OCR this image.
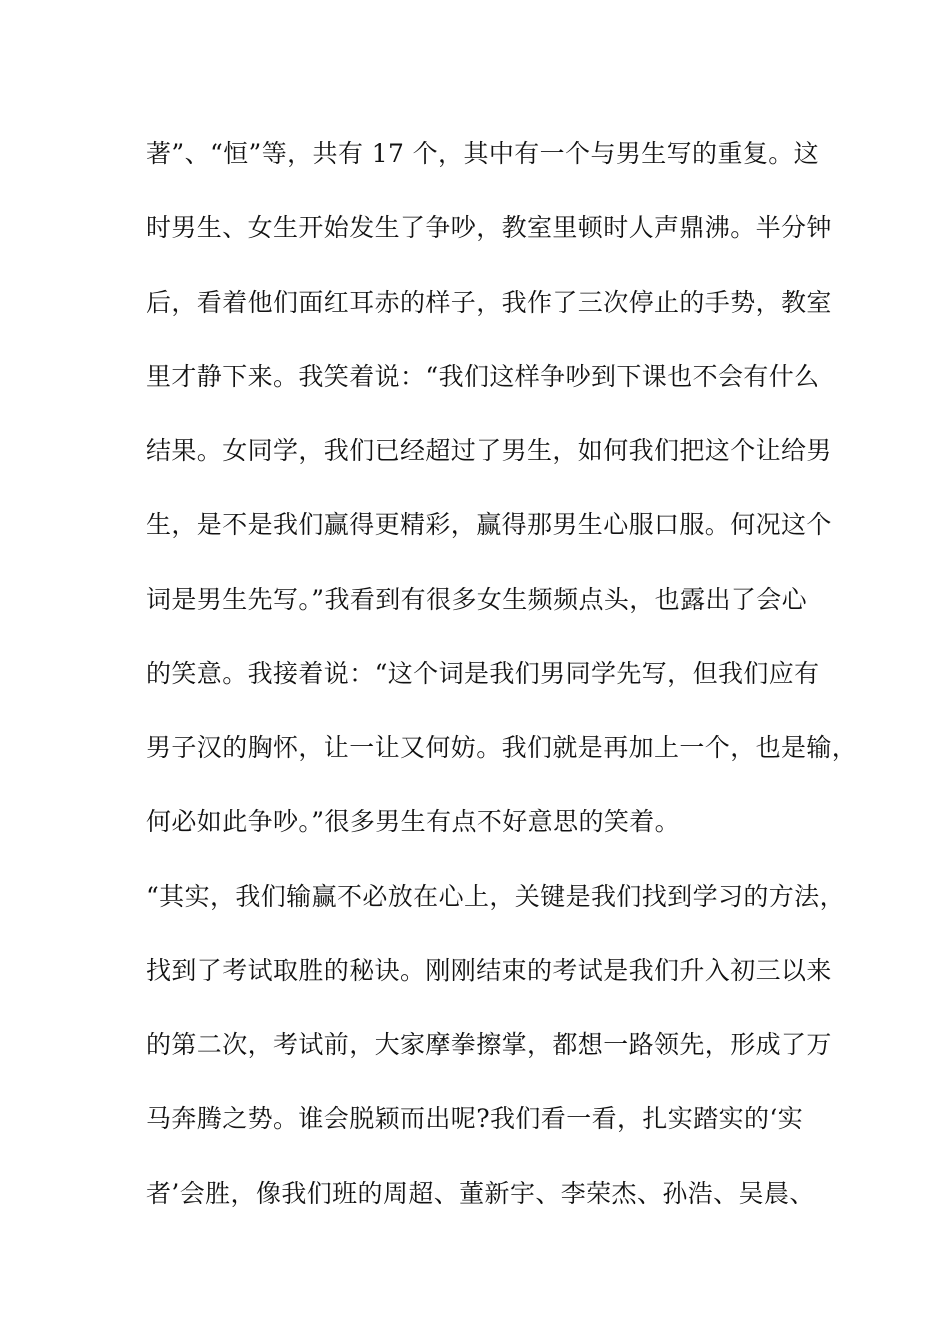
著”、“恒”等，共有 17 个，其中有一个与男生写的重复。这
时男生、女生开始发生了争吵，教室里顿时人声鼎沸。半分钟
后，看着他们面红耳赤的样子，我作了三次停止的手势，教室
里才静下来。我笑着说：“我们这样争吵到下课也不会有什么
结果。女同学，我们已经超过了男生，如何我们把这个让给男
生，是不是我们赢得更精彩，赢得那男生心服口服。何况这个
词是男生先写。”我看到有很多女生频频点头，也露出了会心
的笑意。我接着说：“这个词是我们男同学先写，但我们应有
男子汉的胸怀，让一让又何妨。我们就是再加上一个，也是输，
何必如此争吵。”很多男生有点不好意思的笑着。
“其实，我们输赢不必放在心上，关键是我们找到学习的方法，
找到了考试取胜的秘诀。刚刚结束的考试是我们升入初三以来
的第二次，考试前，大家摩拳擦掌，都想一路领先，形成了万
马奔腾之势。谁会脱颖而出呢?我们看一看，扎实踏实的‘实
者’会胜，像我们班的周超、董新宇、李荣杰、孙浩、吴晨、
